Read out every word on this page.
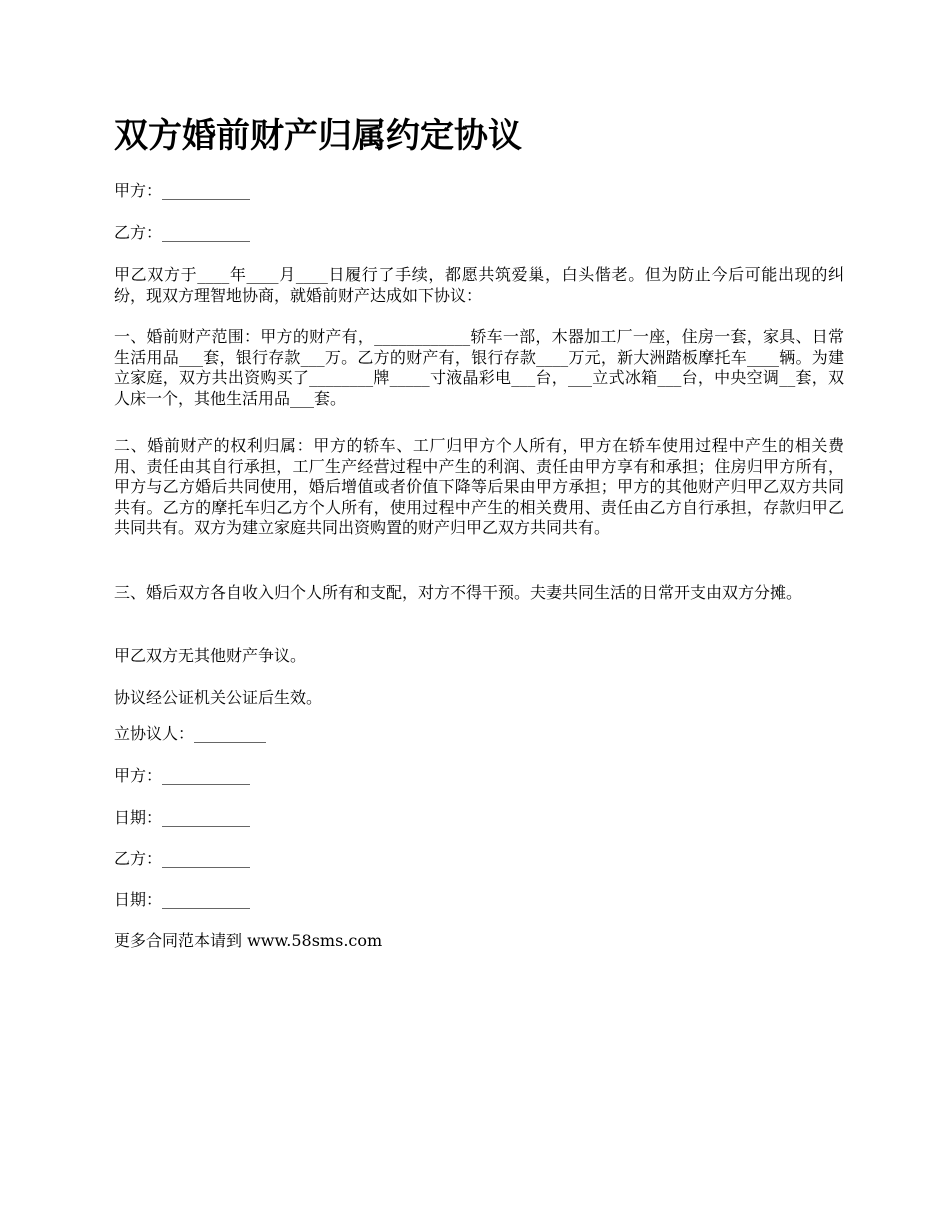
双方婚前财产归属约定协议

甲方：___________

乙方：___________

甲乙双方于____年____月____日履行了手续，都愿共筑爱巢，白头偕老。但为防止今后可能出现的纠纷，现双方理智地协商，就婚前财产达成如下协议：

一、婚前财产范围：甲方的财产有，____________轿车一部，木器加工厂一座，住房一套，家具、日常生活用品___套，银行存款___万。乙方的财产有，银行存款____万元，新大洲踏板摩托车____辆。为建立家庭，双方共出资购买了________牌_____寸液晶彩电___台，___立式冰箱___台，中央空调__套，双人床一个，其他生活用品___套。

二、婚前财产的权利归属：甲方的轿车、工厂归甲方个人所有，甲方在轿车使用过程中产生的相关费用、责任由其自行承担，工厂生产经营过程中产生的利润、责任由甲方享有和承担；住房归甲方所有，甲方与乙方婚后共同使用，婚后增值或者价值下降等后果由甲方承担；甲方的其他财产归甲乙双方共同共有。乙方的摩托车归乙方个人所有，使用过程中产生的相关费用、责任由乙方自行承担，存款归甲乙共同共有。双方为建立家庭共同出资购置的财产归甲乙双方共同共有。

三、婚后双方各自收入归个人所有和支配，对方不得干预。夫妻共同生活的日常开支由双方分摊。

甲乙双方无其他财产争议。

协议经公证机关公证后生效。

立协议人：_________

甲方：___________

日期：___________

乙方：___________

日期：___________

更多合同范本请到 www.58sms.com
